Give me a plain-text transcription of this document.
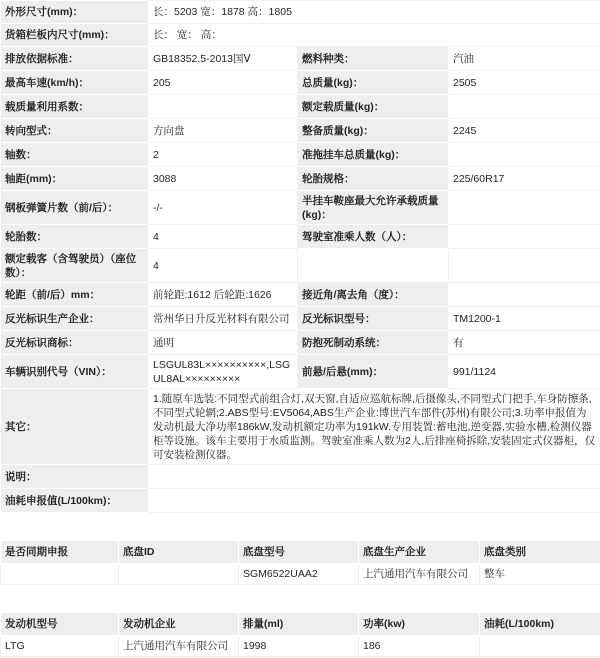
外形尺寸(mm)：	长：5203 宽：1878 高：1805		
货箱栏板内尺寸(mm)：	长： 宽： 高：		
排放依据标准：	GB18352.5-2013国Ⅴ	燃料种类：	汽油
最高车速(km/h)：	205	总质量(kg)：	2505
载质量利用系数：		额定载质量(kg)：	
转向型式：	方向盘	整备质量(kg)：	2245
轴数：	2	准拖挂车总质量(kg)：	
轴距(mm)：	3088	轮胎规格：	225/60R17
钢板弹簧片数（前/后）：	-/-	半挂车鞍座最大允许承载质量(kg)：	
轮胎数：	4	驾驶室准乘人数（人）：	
额定载客（含驾驶员）（座位数）：	4		
轮距（前/后）mm：	前轮距:1612 后轮距:1626	接近角/离去角（度）：	
反光标识生产企业：	常州华日升反光材料有限公司	反光标识型号：	TM1200-1
反光标识商标：	通明	防抱死制动系统：	有
车辆识别代号（VIN）：	LSGUL83L××××××××××,LSGUL8AL×××××××××	前悬/后悬(mm)：	991/1124
其它：	1.随原车选装:不同型式前组合灯,双天窗,自适应巡航标牌,后摄像头,不同型式门把手,车身防擦条,不同型式轮辋;2.ABS型号:EV5064,ABS生产企业:博世汽车部件(苏州)有限公司;3.功率申报值为发动机最大净功率186kW,发动机额定功率为191kW.专用装置:蓄电池,逆变器,实验水槽,检测仪器柜等设施。该车主要用于水质监测。驾驶室准乘人数为2人,后排座椅拆除,安装固定式仪器柜，仅可安装检测仪器。		
说明：			
油耗申报值(L/100km)：			
是否同期申报	底盘ID	底盘型号	底盘生产企业	底盘类别
		SGM6522UAA2	上汽通用汽车有限公司	整车
发动机型号	发动机企业	排量(ml)	功率(kw)	油耗(L/100km)
LTG	上汽通用汽车有限公司	1998	186	
